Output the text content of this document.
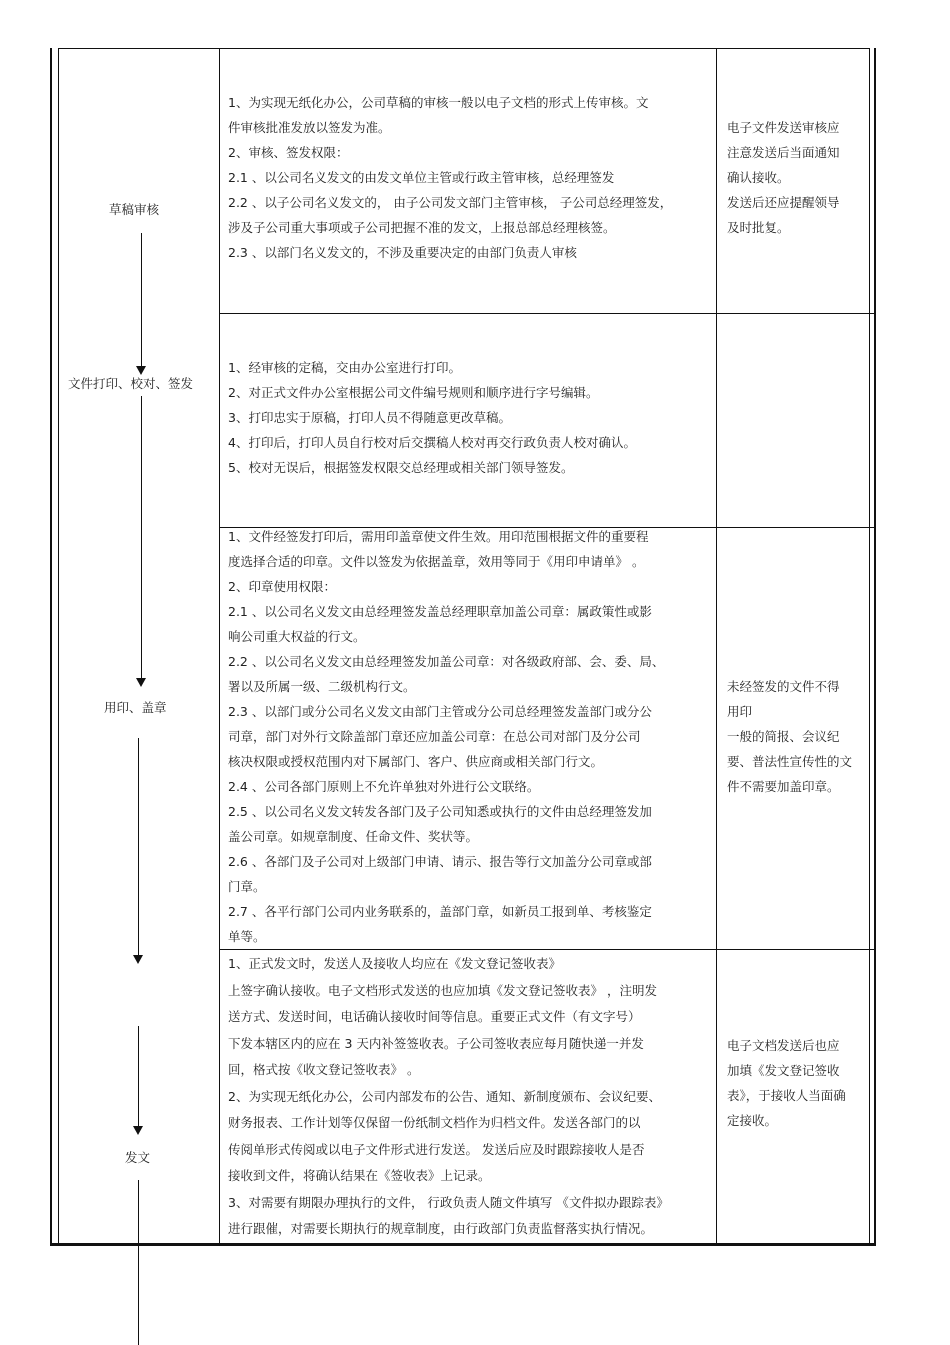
草稿审核
文件打印、校对、签发
用印、盖章
发文

1、为实现无纸化办公，公司草稿的审核一般以电子文档的形式上传审核。文

件审核批准发放以签发为准。

2、审核、签发权限：

2.1 、以公司名义发文的由发文单位主管或行政主管审核，总经理签发

2.2 、以子公司名义发文的， 由子公司发文部门主管审核， 子公司总经理签发，

涉及子公司重大事项或子公司把握不准的发文，上报总部总经理核签。

2.3 、以部门名义发文的，不涉及重要决定的由部门负责人审核

电子文件发送审核应

注意发送后当面通知

确认接收。

发送后还应提醒领导

及时批复。

1、经审核的定稿，交由办公室进行打印。

2、对正式文件办公室根据公司文件编号规则和顺序进行字号编辑。

3、打印忠实于原稿，打印人员不得随意更改草稿。

4、打印后，打印人员自行校对后交撰稿人校对再交行政负责人校对确认。

5、校对无误后，根据签发权限交总经理或相关部门领导签发。

1、文件经签发打印后，需用印盖章使文件生效。用印范围根据文件的重要程

度选择合适的印章。文件以签发为依据盖章，效用等同于《用印申请单》 。

2、印章使用权限：

2.1 、以公司名义发文由总经理签发盖总经理职章加盖公司章：属政策性或影

响公司重大权益的行文。

2.2 、以公司名义发文由总经理签发加盖公司章：对各级政府部、会、委、局、

署以及所属一级、二级机构行文。

2.3 、以部门或分公司名义发文由部门主管或分公司总经理签发盖部门或分公

司章，部门对外行文除盖部门章还应加盖公司章：在总公司对部门及分公司

核决权限或授权范围内对下属部门、客户、供应商或相关部门行文。

2.4 、公司各部门原则上不允许单独对外进行公文联络。

2.5 、以公司名义发文转发各部门及子公司知悉或执行的文件由总经理签发加

盖公司章。如规章制度、任命文件、奖状等。

2.6 、各部门及子公司对上级部门申请、请示、报告等行文加盖分公司章或部

门章。

2.7 、各平行部门公司内业务联系的，盖部门章，如新员工报到单、考核鉴定

单等。

未经签发的文件不得

用印

一般的简报、会议纪

要、普法性宣传性的文

件不需要加盖印章。

1、正式发文时，发送人及接收人均应在《发文登记签收表》

上签字确认接收。电子文档形式发送的也应加填《发文登记签收表》 ，注明发

送方式、发送时间，电话确认接收时间等信息。重要正式文件（有文字号）

下发本辖区内的应在 3 天内补签签收表。子公司签收表应每月随快递一并发

回，格式按《收文登记签收表》 。

2、为实现无纸化办公，公司内部发布的公告、通知、新制度颁布、会议纪要、

财务报表、工作计划等仅保留一份纸制文档作为归档文件。发送各部门的以

传阅单形式传阅或以电子文件形式进行发送。 发送后应及时跟踪接收人是否

接收到文件，将确认结果在《签收表》上记录。

3、对需要有期限办理执行的文件， 行政负责人随文件填写 《文件拟办跟踪表》

进行跟催，对需要长期执行的规章制度，由行政部门负责监督落实执行情况。

电子文档发送后也应

加填《发文登记签收

表》，于接收人当面确

定接收。
